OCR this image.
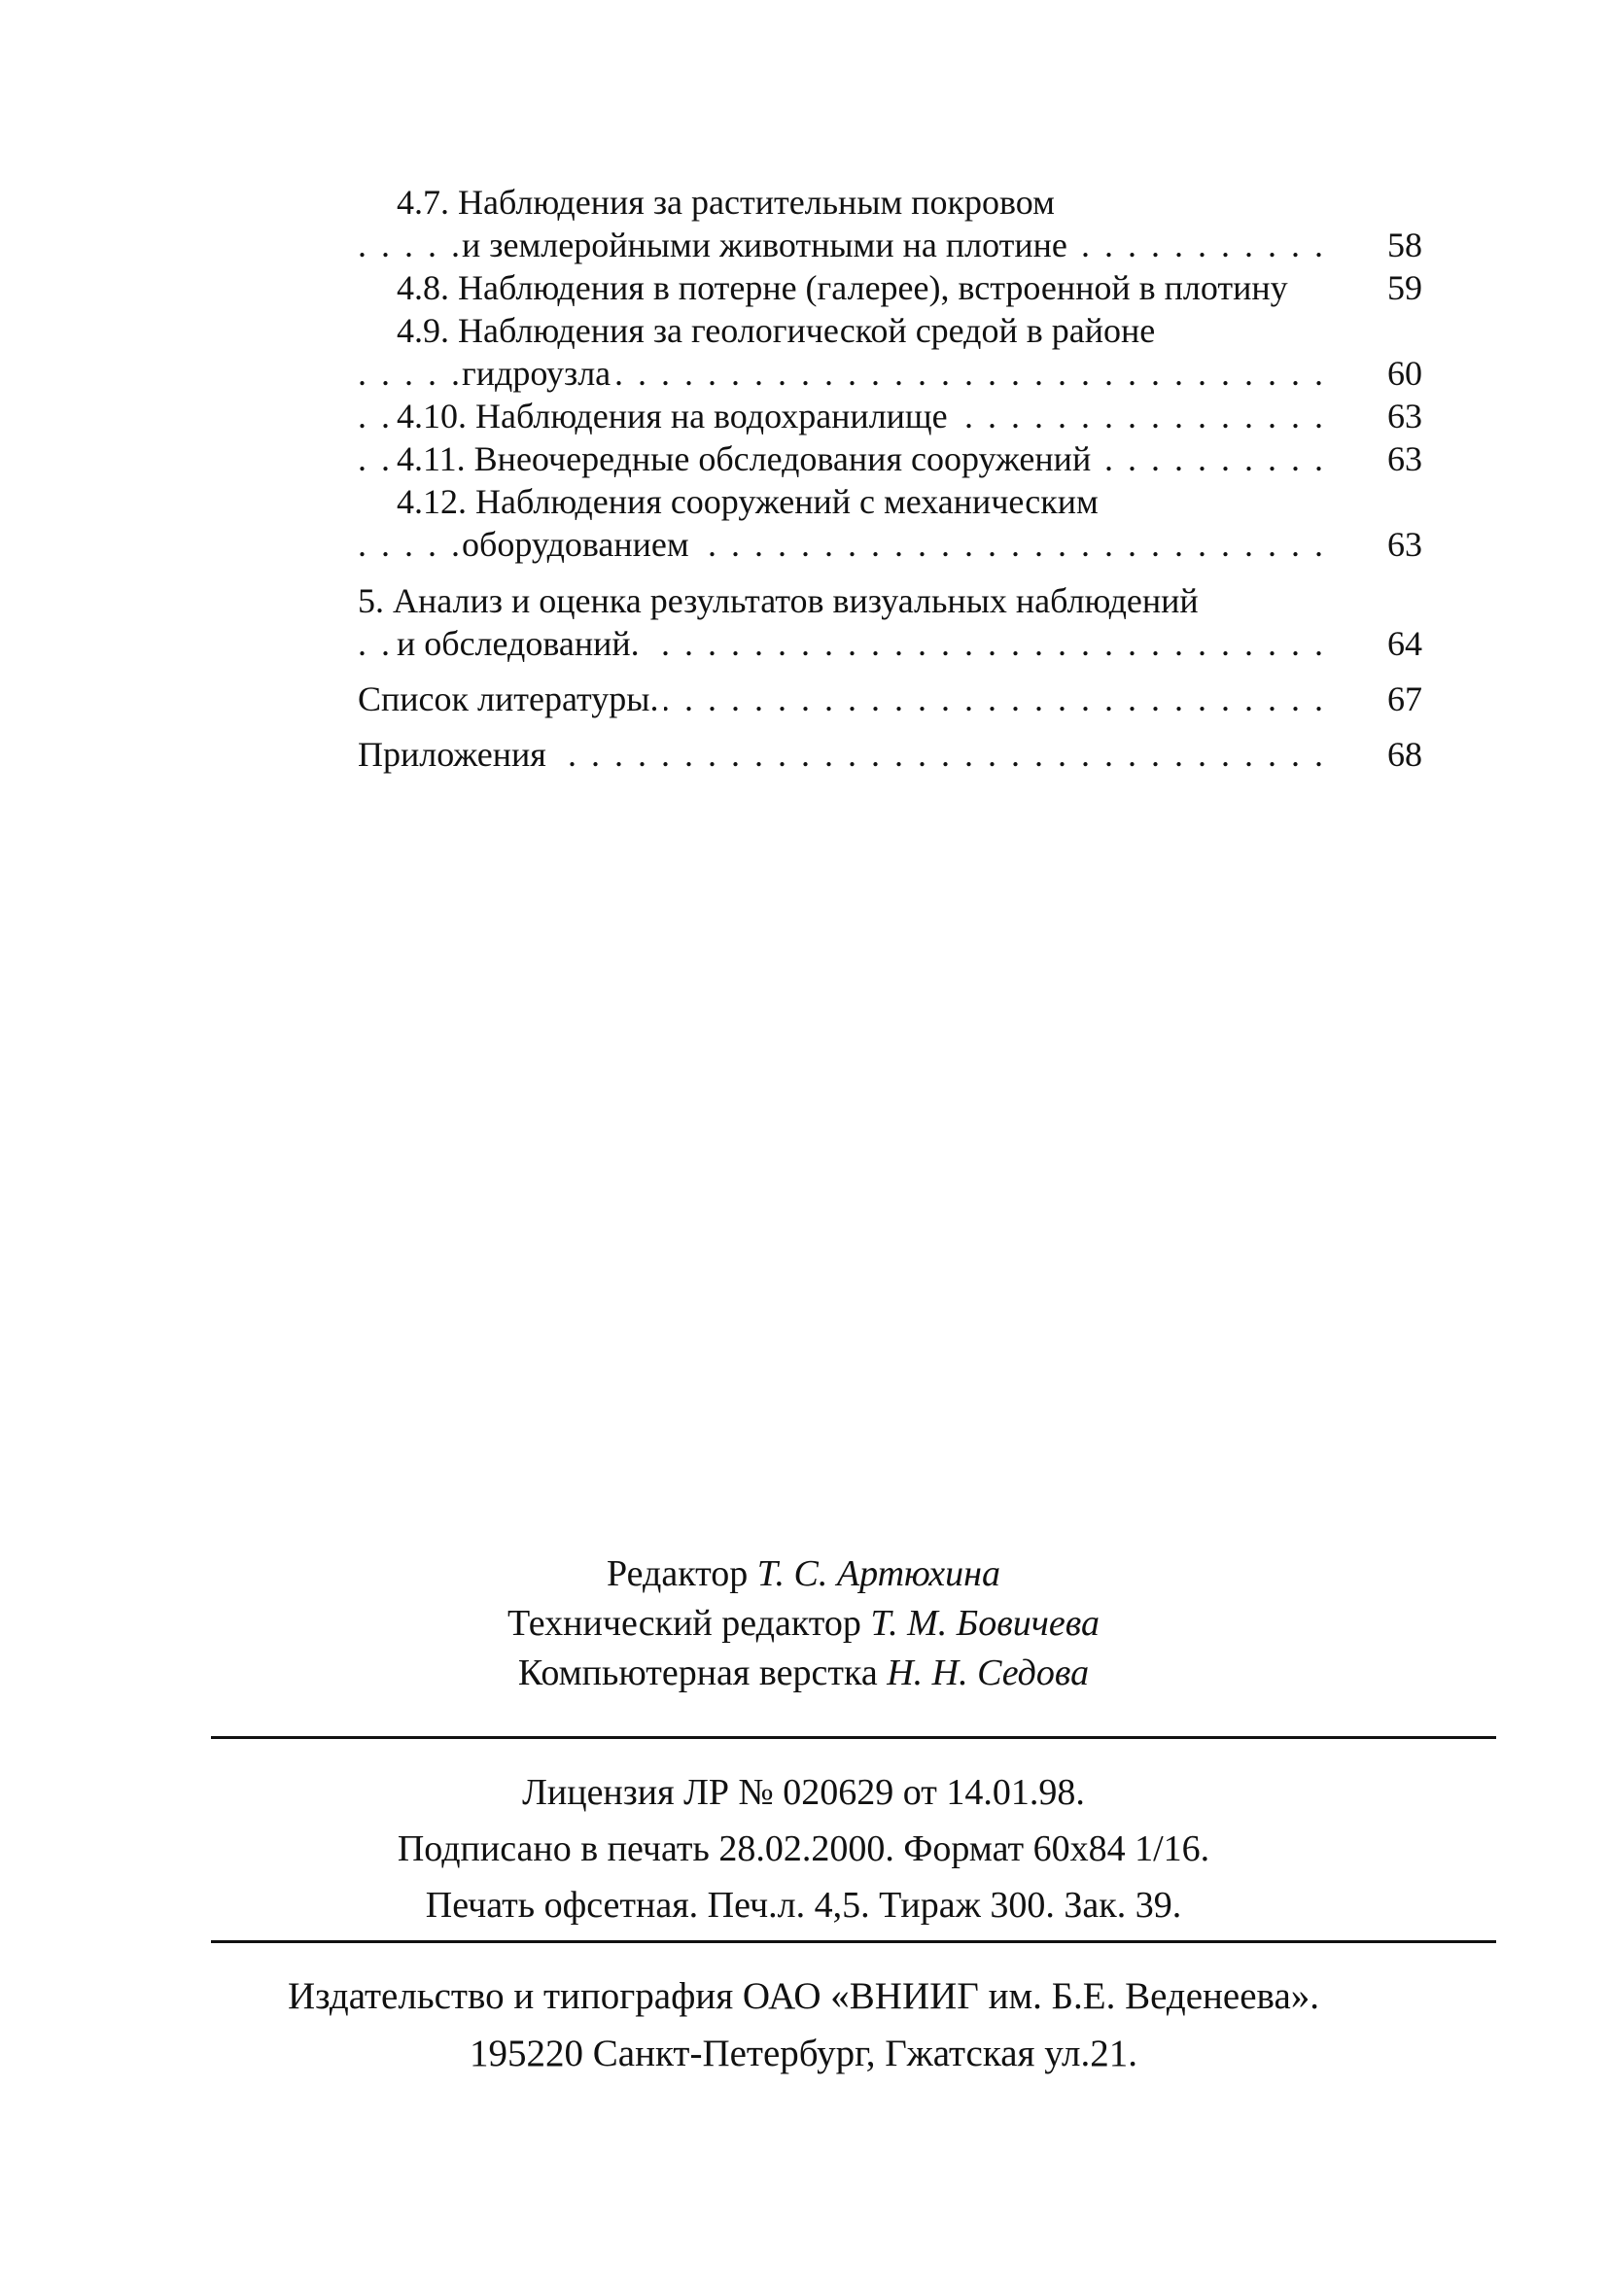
4.7. Наблюдения за растительным покровом
. . . и землеройными животными на плотине	58
4.8. Наблюдения в потерне (галерее), встроенной в плотину	59
4.9. Наблюдения за геологической средой в районе
. . . гидроузла	60
. . . 4.10. Наблюдения на водохранилище	63
. . . 4.11. Внеочередные обследования сооружений	63
4.12. Наблюдения сооружений с механическим
. . . оборудованием	63
5. Анализ и оценка результатов визуальных наблюдений
. . . и обследований.	64
. . . Список литературы.	67
. . . Приложения	68
Редактор Т. С. Артюхина
Технический редактор Т. М. Бовичева
Компьютерная верстка Н. Н. Седова
Лицензия ЛР № 020629 от 14.01.98.
Подписано в печать 28.02.2000. Формат 60х84 1/16.
Печать офсетная. Печ.л. 4,5. Тираж 300. Зак. 39.
Издательство и типография ОАО «ВНИИГ им. Б.Е. Веденеева».
195220 Санкт-Петербург, Гжатская ул.21.
